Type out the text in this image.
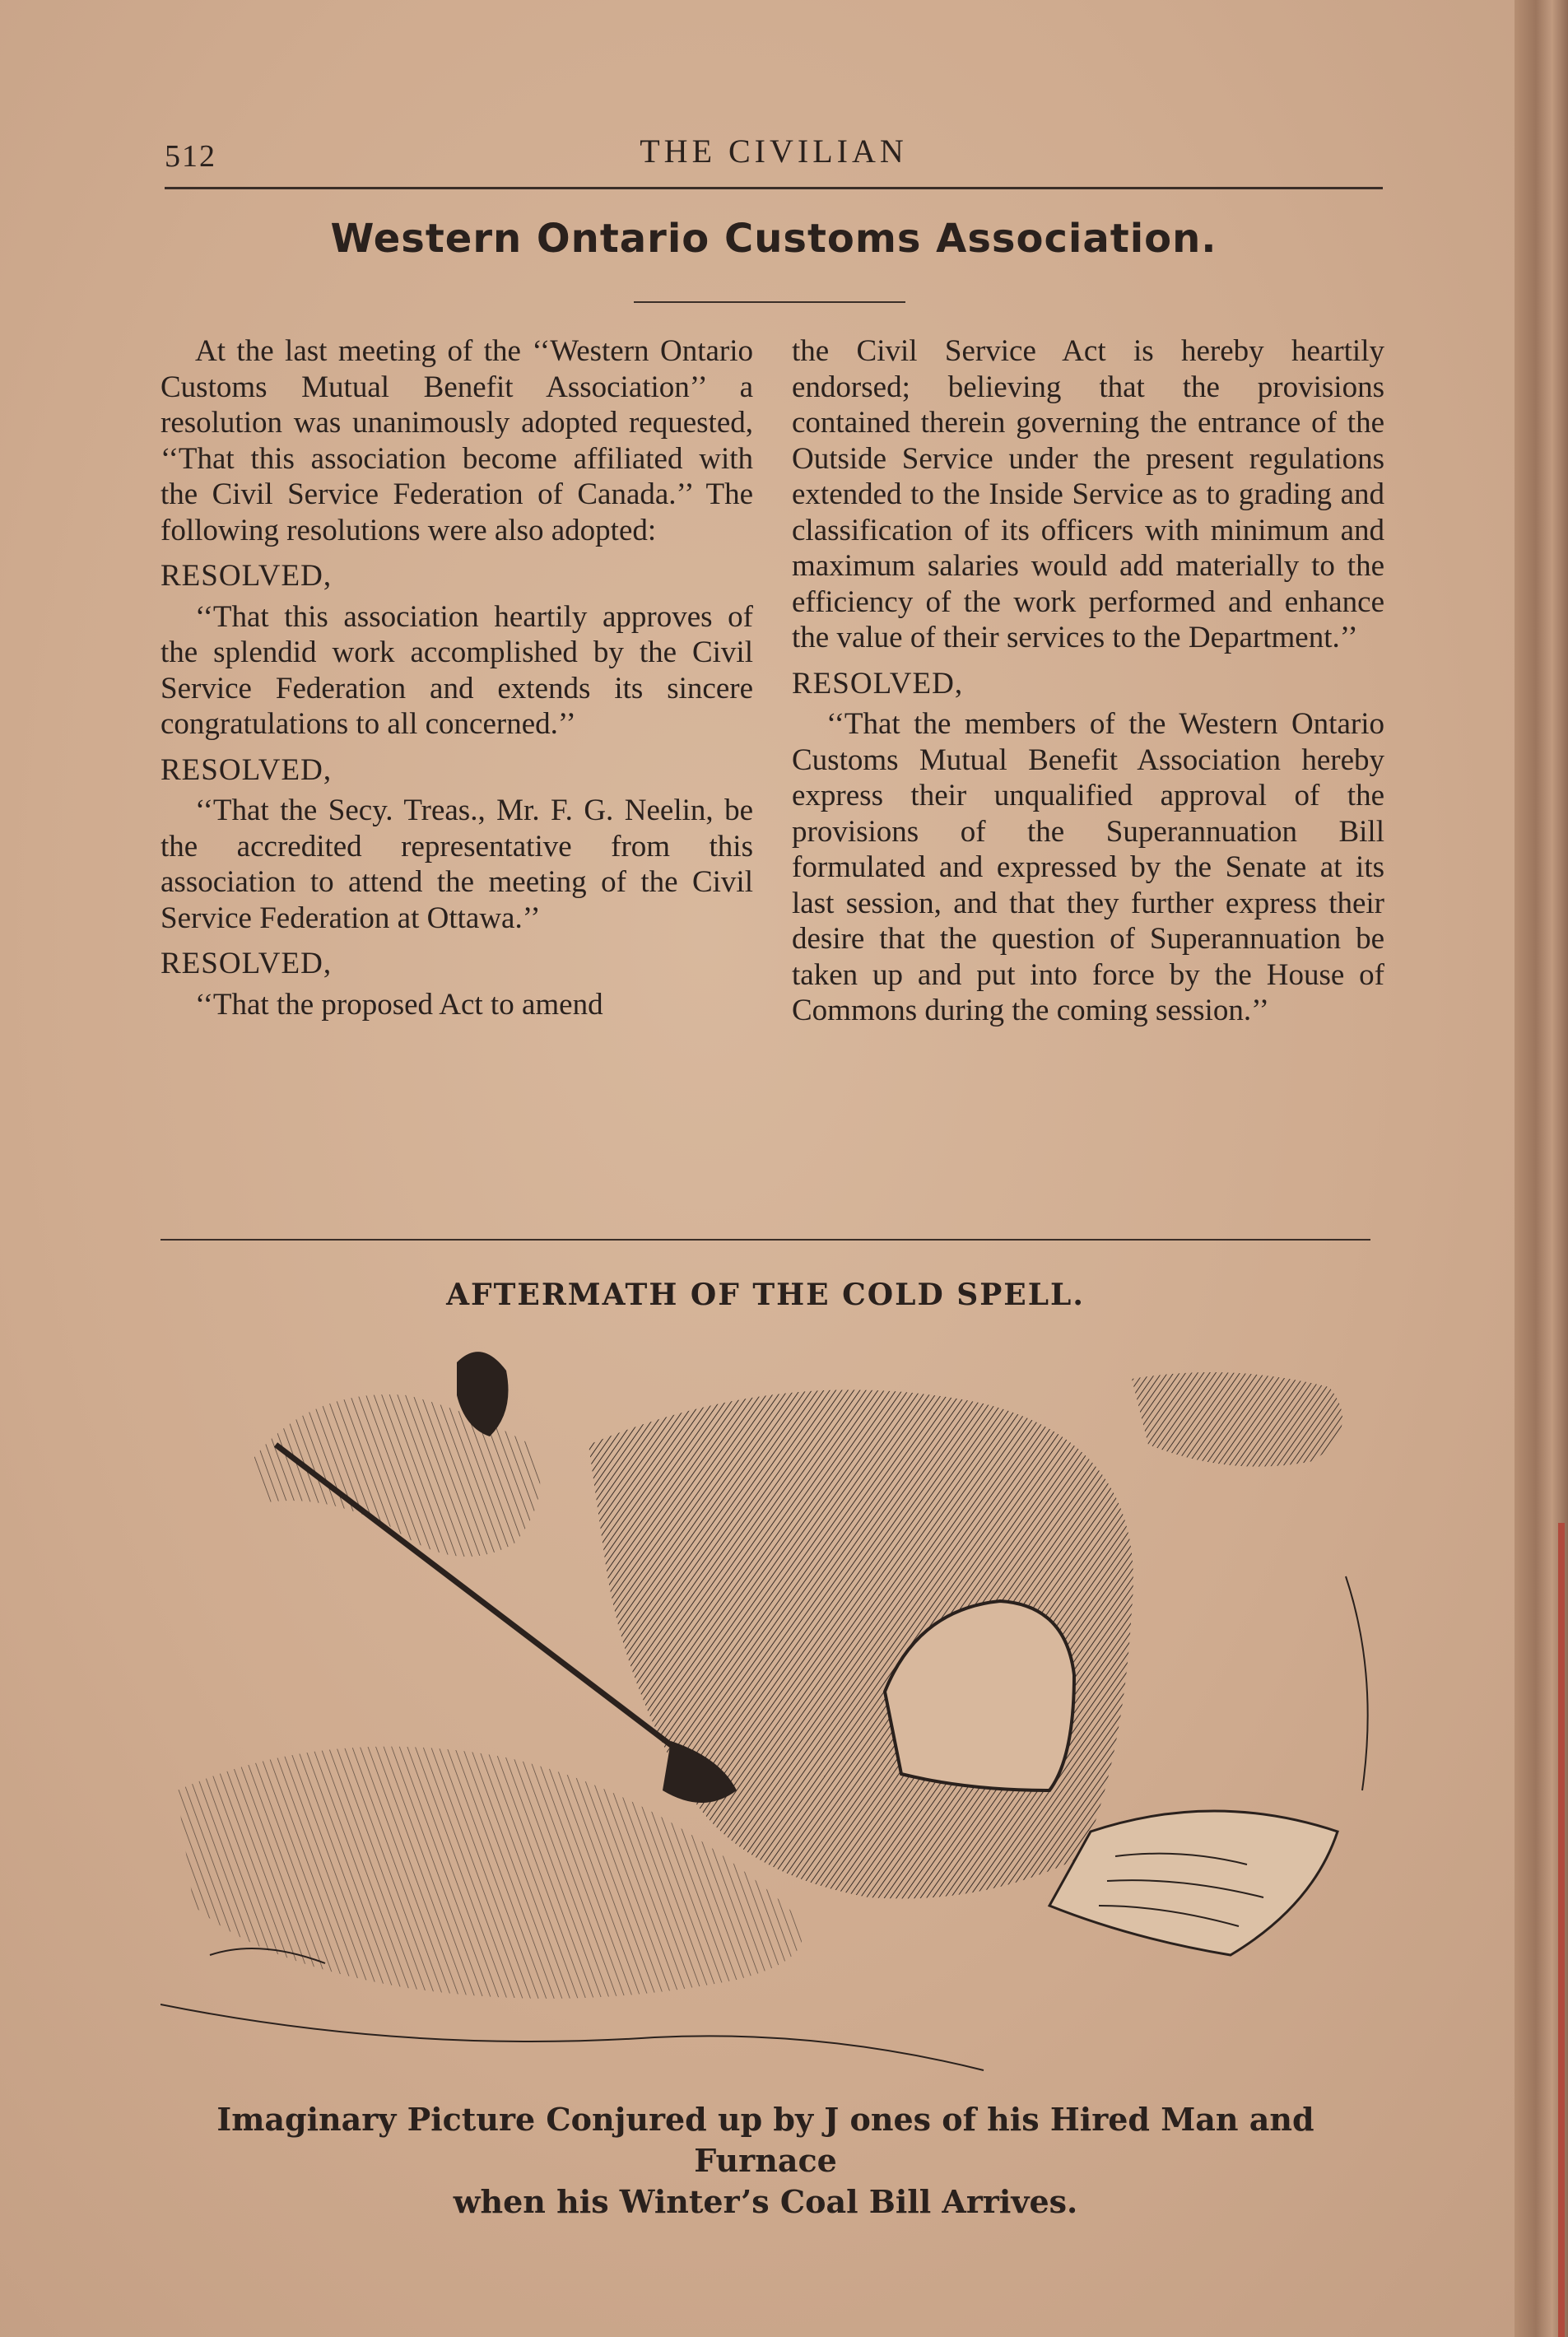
512	THE CIVILIAN
Western Ontario Customs Association.

At the last meeting of the ‘‘Western Ontario Customs Mutual Benefit Association’’ a resolution was unanimously adopted requested, ‘‘That this association become affiliated with the Civil Service Federation of Canada.’’ The following resolutions were also adopted:

RESOLVED,

‘‘That this association heartily approves of the splendid work accomplished by the Civil Service Federation and extends its sincere congratulations to all concerned.’’

RESOLVED,

‘‘That the Secy. Treas., Mr. F. G. Neelin, be the accredited representative from this association to attend the meeting of the Civil Service Federation at Ottawa.’’

RESOLVED,

‘‘That the proposed Act to amend

the Civil Service Act is hereby heartily endorsed; believing that the provisions contained therein governing the entrance of the Outside Service under the present regulations extended to the Inside Service as to grading and classification of its officers with minimum and maximum salaries would add materially to the efficiency of the work performed and enhance the value of their services to the Department.’’

RESOLVED,

‘‘That the members of the Western Ontario Customs Mutual Benefit Association hereby express their unqualified approval of the provisions of the Superannuation Bill formulated and expressed by the Senate at its last session, and that they further express their desire that the question of Superannuation be taken up and put into force by the House of Commons during the coming session.’’

AFTERMATH OF THE COLD SPELL.

Imaginary Picture Conjured up by J ones of his Hired Man and Furnace

when his Winter’s Coal Bill Arrives.
